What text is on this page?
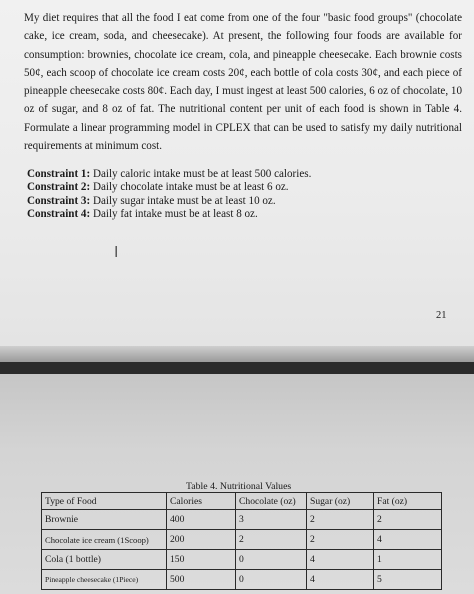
My diet requires that all the food I eat come from one of the four "basic food groups" (chocolate cake, ice cream, soda, and cheesecake). At present, the following four foods are available for consumption: brownies, chocolate ice cream, cola, and pineapple cheesecake. Each brownie costs 50¢, each scoop of chocolate ice cream costs 20¢, each bottle of cola costs 30¢, and each piece of pineapple cheesecake costs 80¢. Each day, I must ingest at least 500 calories, 6 oz of chocolate, 10 oz of sugar, and 8 oz of fat. The nutritional content per unit of each food is shown in Table 4. Formulate a linear programming model in CPLEX that can be used to satisfy my daily nutritional requirements at minimum cost.

Constraint 1: Daily caloric intake must be at least 500 calories.
Constraint 2: Daily chocolate intake must be at least 6 oz.
Constraint 3: Daily sugar intake must be at least 10 oz.
Constraint 4: Daily fat intake must be at least 8 oz.
I
21
Table 4. Nutritional Values
Type of Food	Calories	Chocolate (oz)	Sugar (oz)	Fat (oz)
Brownie	400	3	2	2
Chocolate ice cream (1Scoop)	200	2	2	4
Cola (1 bottle)	150	0	4	1
Pineapple cheesecake (1Piece)	500	0	4	5
